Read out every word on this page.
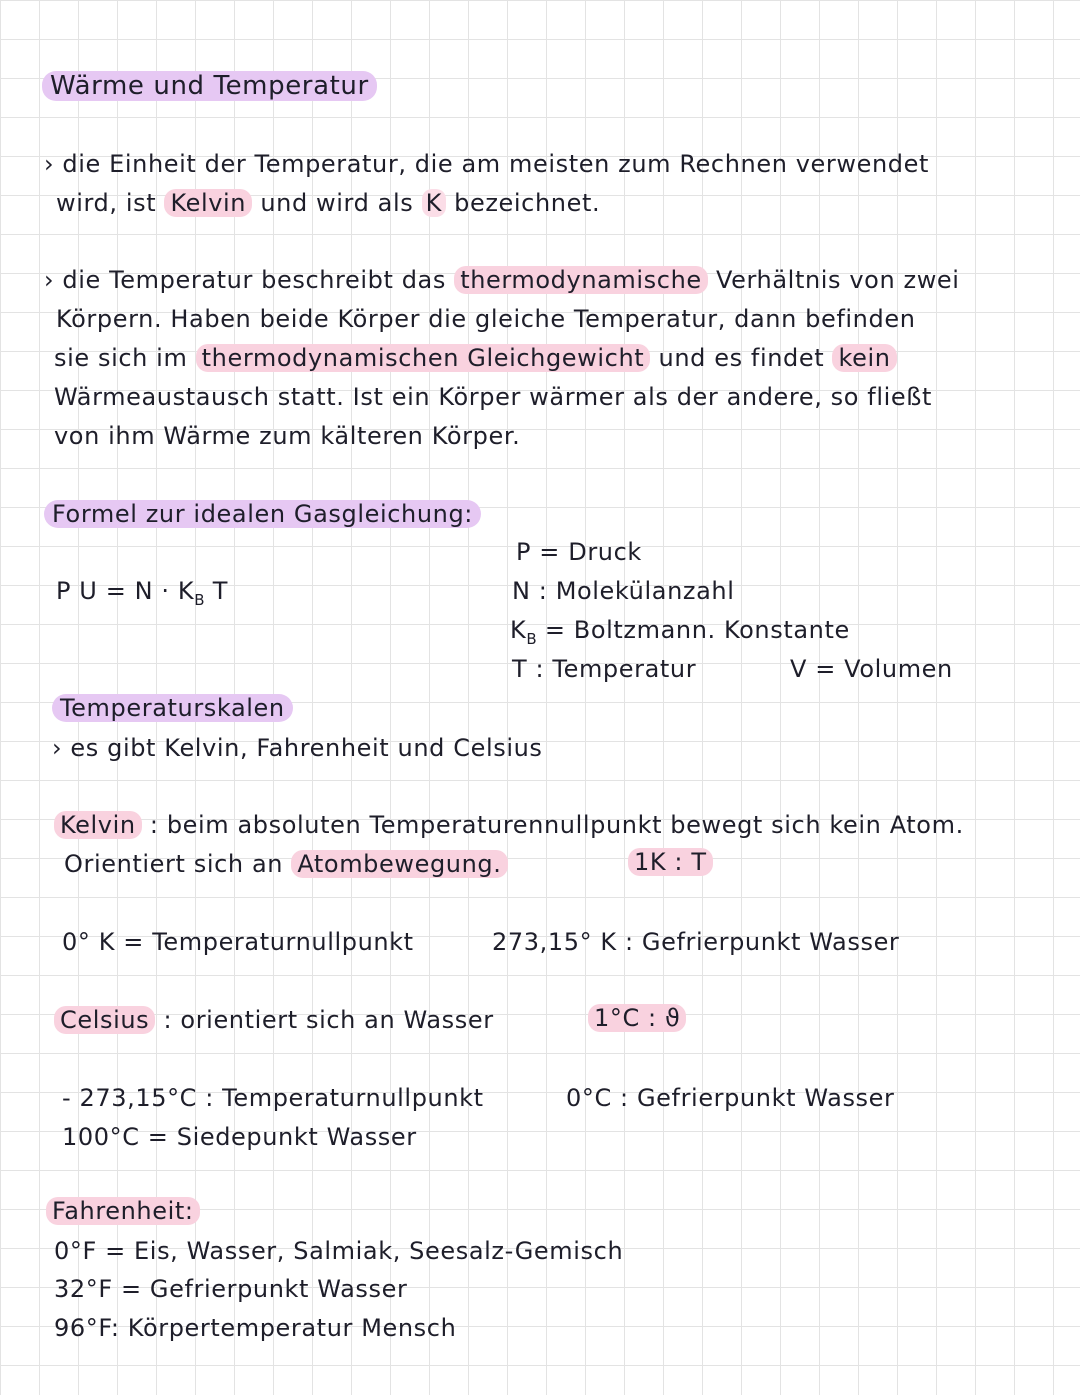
Wärme und Temperatur
› die Einheit der Temperatur, die am meisten zum Rechnen verwendet
wird, ist Kelvin und wird als K bezeichnet.
› die Temperatur beschreibt das thermodynamische Verhältnis von zwei
Körpern. Haben beide Körper die gleiche Temperatur, dann befinden
sie sich im thermodynamischen Gleichgewicht und es findet kein
Wärmeaustausch statt. Ist ein Körper wärmer als der andere, so fließt
von ihm Wärme zum kälteren Körper.
Formel zur idealen Gasgleichung:
P $U = N \cdot K_B$ T
P = Druck
N : Molekülanzahl
$K_B$ = Boltzmann. Konstante
T : Temperatur	V = Volumen
Temperaturskalen
› es gibt Kelvin, Fahrenheit und Celsius
Kelvin : beim absoluten Temperaturennullpunkt bewegt sich kein Atom.
Orientiert sich an Atombewegung.	1K : T
0° K = Temperaturnullpunkt	273,15° K : Gefrierpunkt Wasser
Celsius : orientiert sich an Wasser	1°C : ϑ
- 273,15°C : Temperaturnullpunkt	0°C : Gefrierpunkt Wasser
100°C = Siedepunkt Wasser
Fahrenheit:
0°F = Eis, Wasser, Salmiak, Seesalz-Gemisch
32°F = Gefrierpunkt Wasser
96°F: Körpertemperatur Mensch
